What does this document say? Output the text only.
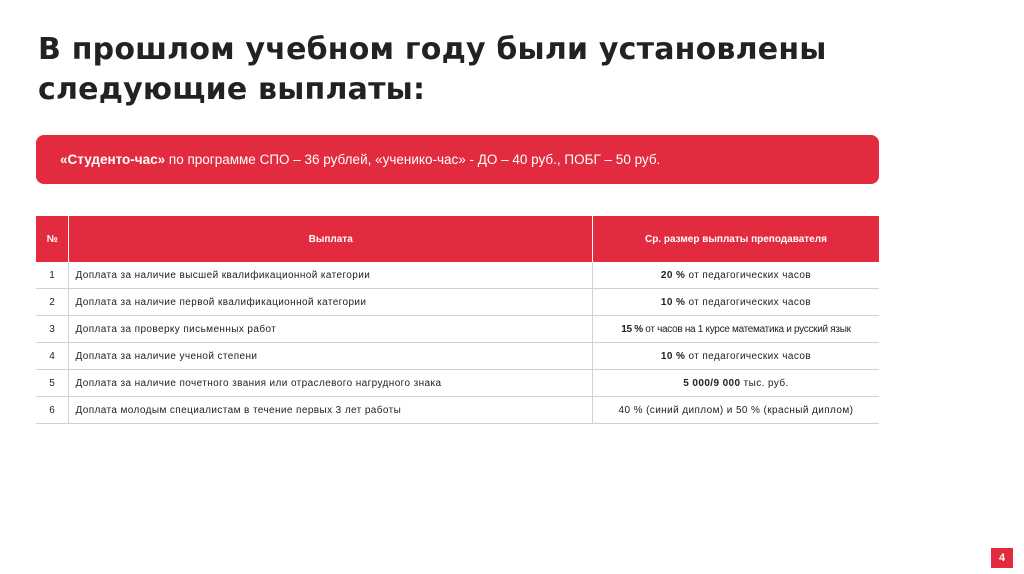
В прошлом учебном году были установлены следующие выплаты:
«Студенто-час» по программе СПО – 36 рублей, «ученико-час» - ДО – 40 руб., ПОБГ – 50 руб.
№	Выплата	Ср. размер выплаты преподавателя
1	Доплата за наличие высшей квалификационной категории	20 % от педагогических часов
2	Доплата за наличие первой квалификационной категории	10 % от педагогических часов
3	Доплата за проверку письменных работ	15 % от часов на 1 курсе математика и русский язык
4	Доплата за наличие ученой степени	10 % от педагогических часов
5	Доплата за наличие почетного звания или отраслевого нагрудного знака	5 000/9 000 тыс. руб.
6	Доплата молодым специалистам в течение первых 3 лет работы	40 % (синий диплом) и 50 % (красный диплом)
4
